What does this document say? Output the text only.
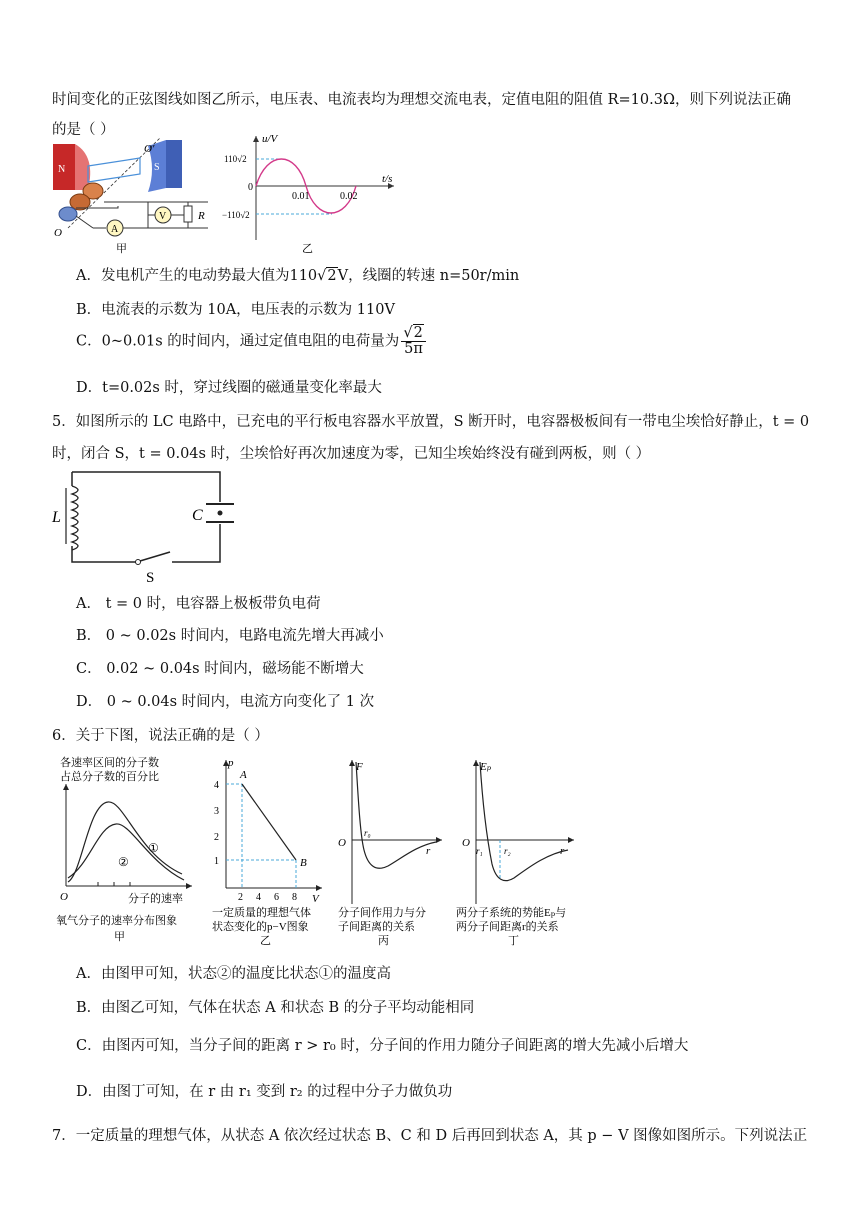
时间变化的正弦图线如图乙所示，电压表、电流表均为理想交流电表，定值电阻的阻值 R=10.3Ω，则下列说法正确
的是（ ）
N	S
O′
O	A
V	R
甲
u/V
t/s
0
110√2
−110√2
0.01	0.02
乙
A．发电机产生的电动势最大值为110√2V，线圈的转速 n=50r/min
B．电流表的示数为 10A，电压表的示数为 110V
C．0~0.01s 的时间内，通过定值电阻的电荷量为 $\frac{√2}{5\pi}$
D．t=0.02s 时，穿过线圈的磁通量变化率最大
5．如图所示的 LC 电路中，已充电的平行板电容器水平放置，S 断开时，电容器极板间有一带电尘埃恰好静止，t = 0
时，闭合 S，t = 0.04s 时，尘埃恰好再次加速度为零，已知尘埃始终没有碰到两板，则（ ）
L	C
S
A． t = 0 时，电容器上极板带负电荷
B． 0 ~ 0.02s 时间内，电路电流先增大再减小
C． 0.02 ~ 0.04s 时间内，磁场能不断增大
D． 0 ~ 0.04s 时间内，电流方向变化了 1 次
6．关于下图，说法正确的是（ ）
各速率区间的分子数
占总分子数的百分比
①
②
O	分子的速率
氧气分子的速率分布图象
甲
p
V
4
3
2
1
2 4 6 8
A
B
一定质量的理想气体
状态变化的p−V图象
乙
F
O
r₀
r
分子间作用力与分
子间距离的关系
丙
Eₚ
O
r₁ r₂	r
两分子系统的势能Eₚ与
两分子间距离r的关系
丁
A．由图甲可知，状态②的温度比状态①的温度高
B．由图乙可知，气体在状态 A 和状态 B 的分子平均动能相同
C．由图丙可知，当分子间的距离 r > r₀ 时，分子间的作用力随分子间距离的增大先减小后增大
D．由图丁可知，在 r 由 r₁ 变到 r₂ 的过程中分子力做负功
7．一定质量的理想气体，从状态 A 依次经过状态 B、C 和 D 后再回到状态 A，其 p − V 图像如图所示。下列说法正
